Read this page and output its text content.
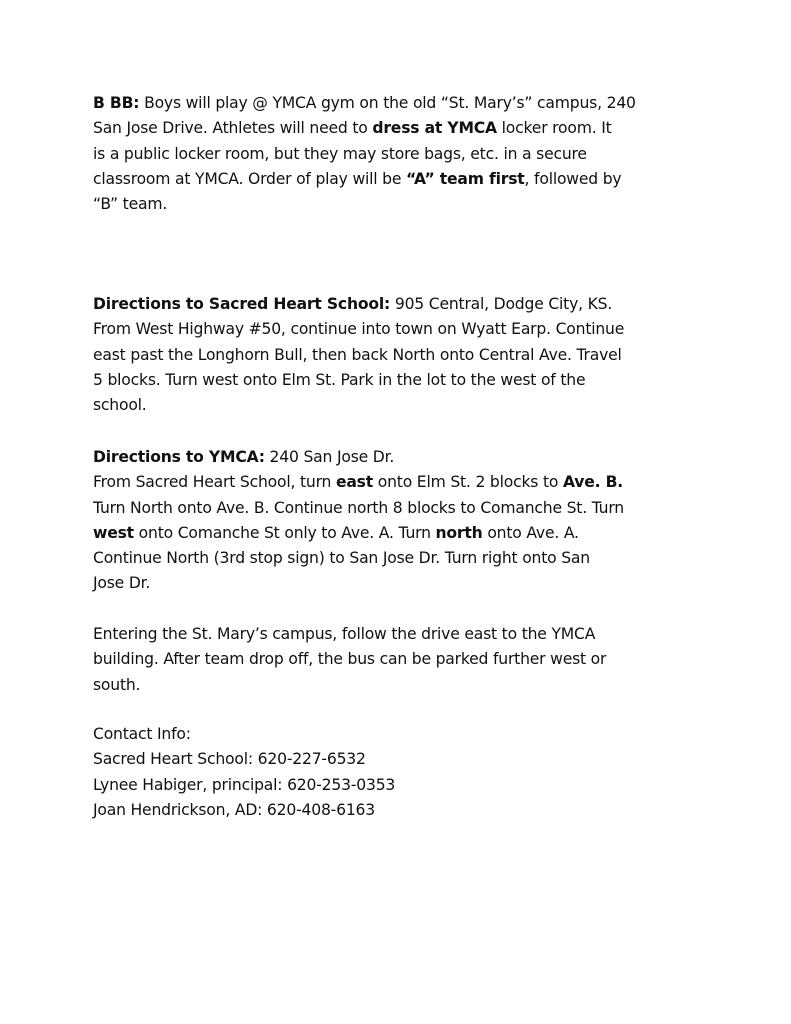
B BB: Boys will play @ YMCA gym on the old “St. Mary’s” campus, 240

San Jose Drive. Athletes will need to dress at YMCA locker room. It

is a public locker room, but they may store bags, etc. in a secure

classroom at YMCA. Order of play will be “A” team first, followed by

“B” team.

Directions to Sacred Heart School: 905 Central, Dodge City, KS.

From West Highway #50, continue into town on Wyatt Earp. Continue

east past the Longhorn Bull, then back North onto Central Ave. Travel

5 blocks. Turn west onto Elm St. Park in the lot to the west of the

school.

Directions to YMCA: 240 San Jose Dr.

From Sacred Heart School, turn east onto Elm St. 2 blocks to Ave. B.

Turn North onto Ave. B. Continue north 8 blocks to Comanche St. Turn

west onto Comanche St only to Ave. A. Turn north onto Ave. A.

Continue North (3rd stop sign) to San Jose Dr. Turn right onto San

Jose Dr.

Entering the St. Mary’s campus, follow the drive east to the YMCA

building. After team drop off, the bus can be parked further west or

south.

Contact Info:

Sacred Heart School: 620-227-6532

Lynee Habiger, principal: 620-253-0353

Joan Hendrickson, AD: 620-408-6163
